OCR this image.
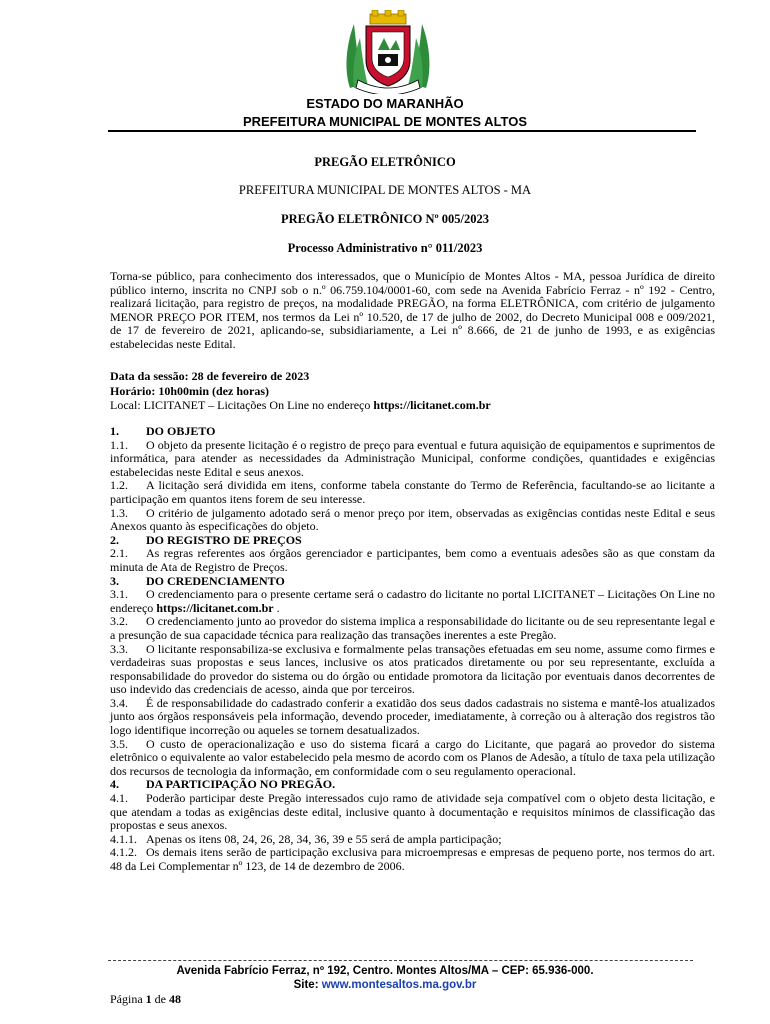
ESTADO DO MARANHÃO
PREFEITURA MUNICIPAL DE MONTES ALTOS
PREGÃO ELETRÔNICO
PREFEITURA MUNICIPAL DE MONTES ALTOS - MA
PREGÃO ELETRÔNICO Nº 005/2023
Processo Administrativo n° 011/2023

Torna-se público, para conhecimento dos interessados, que o Município de Montes Altos - MA, pessoa Jurídica de direito público interno, inscrita no CNPJ sob o n.º 06.759.104/0001-60, com sede na Avenida Fabrício Ferraz - nº 192 - Centro, realizará licitação, para registro de preços, na modalidade PREGÃO, na forma ELETRÔNICA, com critério de julgamento MENOR PREÇO POR ITEM, nos termos da Lei nº 10.520, de 17 de julho de 2002, do Decreto Municipal 008 e 009/2021, de 17 de fevereiro de 2021, aplicando-se, subsidiariamente, a Lei nº 8.666, de 21 de junho de 1993, e as exigências estabelecidas neste Edital.

Data da sessão: 28 de fevereiro de 2023
Horário: 10h00min (dez horas)
Local: LICITANET – Licitações On Line no endereço https://licitanet.com.br
1. DO OBJETO
1.1. O objeto da presente licitação é o registro de preço para eventual e futura aquisição de equipamentos e suprimentos de informática, para atender as necessidades da Administração Municipal, conforme condições, quantidades e exigências estabelecidas neste Edital e seus anexos.
1.2. A licitação será dividida em itens, conforme tabela constante do Termo de Referência, facultando-se ao licitante a participação em quantos itens forem de seu interesse.
1.3. O critério de julgamento adotado será o menor preço por item, observadas as exigências contidas neste Edital e seus Anexos quanto às especificações do objeto.
2. DO REGISTRO DE PREÇOS
2.1. As regras referentes aos órgãos gerenciador e participantes, bem como a eventuais adesões são as que constam da minuta de Ata de Registro de Preços.
3. DO CREDENCIAMENTO
3.1. O credenciamento para o presente certame será o cadastro do licitante no portal LICITANET – Licitações On Line no endereço https://licitanet.com.br .
3.2. O credenciamento junto ao provedor do sistema implica a responsabilidade do licitante ou de seu representante legal e a presunção de sua capacidade técnica para realização das transações inerentes a este Pregão.
3.3. O licitante responsabiliza-se exclusiva e formalmente pelas transações efetuadas em seu nome, assume como firmes e verdadeiras suas propostas e seus lances, inclusive os atos praticados diretamente ou por seu representante, excluída a responsabilidade do provedor do sistema ou do órgão ou entidade promotora da licitação por eventuais danos decorrentes de uso indevido das credenciais de acesso, ainda que por terceiros.
3.4. É de responsabilidade do cadastrado conferir a exatidão dos seus dados cadastrais no sistema e mantê-los atualizados junto aos órgãos responsáveis pela informação, devendo proceder, imediatamente, à correção ou à alteração dos registros tão logo identifique incorreção ou aqueles se tornem desatualizados.
3.5. O custo de operacionalização e uso do sistema ficará a cargo do Licitante, que pagará ao provedor do sistema eletrônico o equivalente ao valor estabelecido pela mesmo de acordo com os Planos de Adesão, a título de taxa pela utilização dos recursos de tecnologia da informação, em conformidade com o seu regulamento operacional.
4. DA PARTICIPAÇÃO NO PREGÃO.
4.1. Poderão participar deste Pregão interessados cujo ramo de atividade seja compatível com o objeto desta licitação, e que atendam a todas as exigências deste edital, inclusive quanto à documentação e requisitos mínimos de classificação das propostas e seus anexos.
4.1.1. Apenas os itens 08, 24, 26, 28, 34, 36, 39 e 55 será de ampla participação;
4.1.2. Os demais itens serão de participação exclusiva para microempresas e empresas de pequeno porte, nos termos do art. 48 da Lei Complementar nº 123, de 14 de dezembro de 2006.
Avenida Fabrício Ferraz, nº 192, Centro. Montes Altos/MA – CEP: 65.936-000.
Site: www.montesaltos.ma.gov.br
Página 1 de 48
